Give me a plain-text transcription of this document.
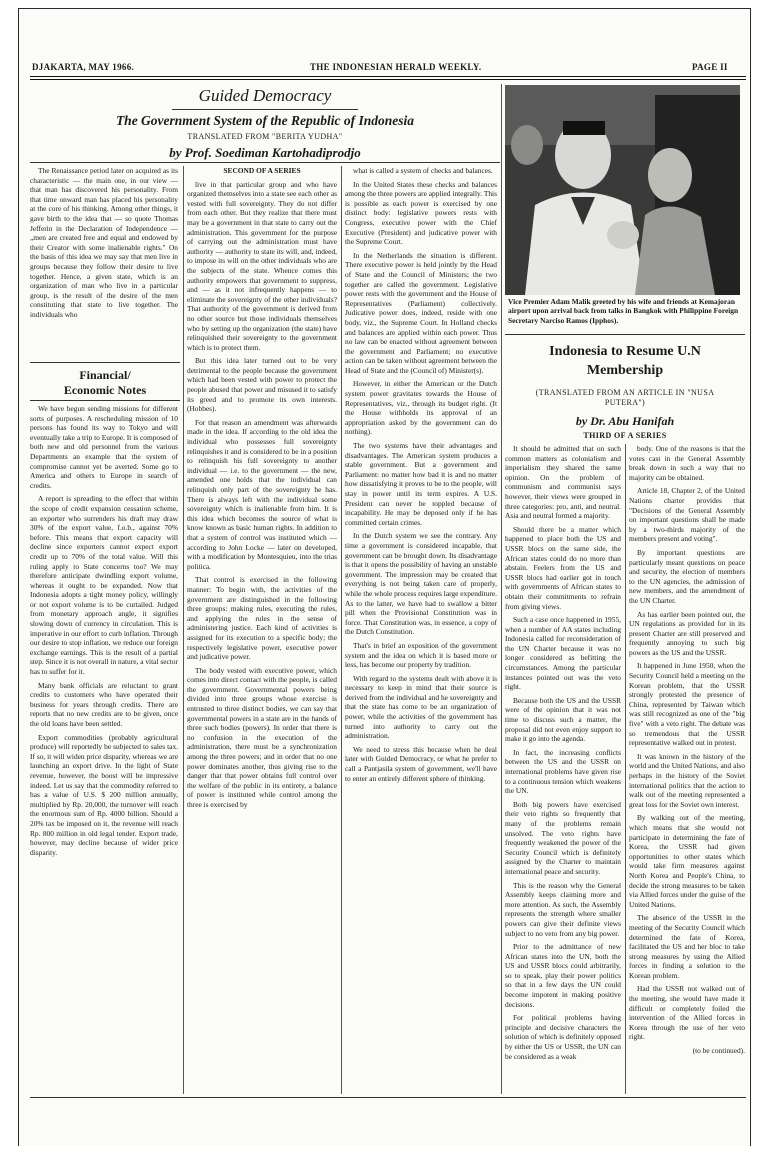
DJAKARTA, MAY 1966.	THE INDONESIAN HERALD WEEKLY.	PAGE II
Guided Democracy
The Government System of the Republic of Indonesia
TRANSLATED FROM "BERITA YUDHA"
by Prof. Soediman Kartohadiprodjo

The Renaissance period later on acquired as its characteristic — the main one, in our view — that man has discovered his personality. From that time onward man has placed his personality at the core of his thinking. Among other things, it gave birth to the idea that — so quote Thomas Jefferin in the Declaration of Independence — „men are created free and equal and endowed by their Creator with some inalienable rights." On the basis of this idea we may say that men live in groups because they follow their desire to live together. Hence, a given state, which is an organization of man who live in a particular group, is the result of the desire of the men constituting that state to live together. The individuals who

Financial/
Economic Notes

We have begun sending missions for different sorts of purposes. A rescheduling mission of 10 persons has found its way to Tokyo and will eventually take a trip to Europe. It is composed of both new and old personnel from the various Departments an example that the system of compromise cannot yet be averted. Some go to America and others to Europe in search of credits.

A report is spreading to the effect that within the scope of credit expansion cessation scheme, an exporter who surrenders his draft may draw 30% of the export value, f.o.b., against 70% before. This means that export capacity will decline since exporters cannot expect export credit up to 70% of the total value. Will this ruling apply to State concerns too? We may therefore anticipate dwindling export volume, whereas it ought to be expanded. Now that Indonesia adopts a tight money policy, willingly or not export volume is to be curtailed. Judged from monetary approach angle, it signifies slowing down of currency in circulation. This is imperative in our effort to curb inflation. Through our desire to stop inflation, we reduce our foreign exchange earnings. This is the result of a partial step. Since it is not overall in nature, a vital sector has to suffer for it.

Many bank officials are reluctant to grant credits to customers who have operated their business for years through credits. There are reports that no new credits are to be given, once the old loans have been settled.

Export commodities (probably agricultural produce) will reportedly be subjected to sales tax. If so, it will widen price disparity, whereas we are launching an export drive. In the light of State revenue, however, the boost will be impressive indeed. Let us say that the commodity referred to has a value of U.S. $ 200 million annually, multiplied by Rp. 20,000, the turnover will reach the enormous sum of Rp. 4000 billion. Should a 20% tax be imposed on it, the revenue will reach Rp. 800 million in old legal tender. Export trade, however, may decline because of wider price disparity.

SECOND OF A SERIES

live in that particular group and who have organized themselves into a state see each other as vested with full sovereignty. They do not differ from each other. But they realize that there must may be a government in that state to carry out the administration. This government for the purpose of carrying out the administration must have authority — authority to state its will, and, indeed, to impose its will on the other individuals who are the subjects of the state. Whence comes this authority empowers that government to suppress, and — as it not infrequently happens — to eliminate the sovereignty of the other individuals? That authority of the government is derived from no other source but those individuals themselves who by setting up the organization (the state) have relinquished their sovereignty to the government which is to protect them.

But this idea later turned out to be very detrimental to the people because the government which had been vested with power to protect the people abused that power and misused it to satisfy its greed and to promote its own interests. (Hobbes).

For that reason an amendment was afterwards made in the idea. If according to the old idea the individual who possesses full sovereignty relinquishes it and is considered to be in a position to relinquish his full sovereignty to another individual — i.e. to the government — the new, amended one holds that the individual can relinquish only part of the sovereignty he has. There is always left with the individual some sovereignty which is inalienable from him. It is this idea which becomes the source of what is know known as basic human rights. In addition to that a system of control was instituted which — according to John Locke — later on developed, with a modification by Montesquieu, into the trias politica.

That control is exercised in the following manner: To begin with, the activities of the government are distinguished in the following three groups: making rules, executing the rules, and applying the rules in the sense of administering justice. Each kind of activities is assigned for its execution to a specific body; the respectively legislative power, executive power and judicative power.

The body vested with executive power, which comes into direct contact with the people, is called the government. Governmental powers being divided into three groups whose exercise is entrusted to three distinct bodies, we can say that governmental powers in a state are in the hands of three such bodies (powers). In order that there is no confusion in the execution of the administration, there must be a synchronization among the three powers; and in order that no one power dominates another, thus giving rise to the danger that that power obtains full control over the welfare of the public in its entirety, a balance of power is instituted while control among the three is exercised by

what is called a system of checks and balances.

In the United States these checks and balances among the three powers are applied integrally. This is possible as each power is exercised by one distinct body: legislative powers rests with Congress, executive power with the Chief Executive (President) and judicative power with the Supreme Court.

In the Netherlands the situation is different. There executive power is held jointly by the Head of State and the Council of Ministers; the two together are called the government. Legislative power rests with the government and the House of Representatives (Parliament) collectively. Judicative power does, indeed, reside with one body, viz., the Supreme Court. In Holland checks and balances are applied within each power. Thus no law can be enacted without agreement between the government and Parliament; no executive action can be taken without agreement between the Head of State and the (Council of) Minister(s).

However, in either the American or the Dutch system power gravitates towards the House of Representatives, viz., through its budget right. (It the House withholds its approval of an appropriation asked by the government can do nothing).

The two systems have their advantages and disadvantages. The American system produces a stable government. But a government and Parliament: no matter how bad it is and no matter how dissatisfying it proves to be to the people, will stay in power until its term expires. A U.S. President can never be toppled because of incapability. He may be deposed only if he has committed certain crimes.

In the Dutch system we see the contrary. Any time a government is considered incapable, that government can be brought down. Its disadvantage is that it opens the possibility of having an unstable government. The impression may be created that everything is not being taken care of properly, while the whole process requires large expenditure. As to the latter, we have had to swallow a bitter pill when the Provisional Constitution was in force. That Constitution was, in essence, a copy of the Dutch Constitution.

That's in brief an exposition of the government system and the idea on which it is based more or less, has become our property by tradition.

With regard to the systems dealt with above it is necessary to keep in mind that their source is derived from the individual and he sovereignty and that the state has come to be an organization of power, while the activities of the government has turned into authority to carry out the administration.

We need to stress this because when he deal later with Guided Democracy, or what he prefer to call a Pantjasila system of government, we'll have to enter an entirely different sphere of thinking.

Vice Premier Adam Malik greeted by his wife and friends at Kemajoran airport upon arrival back from talks in Bangkok with Philippine Foreign Secretary Narciso Ramos (Ipphos).
Indonesia to Resume U.N
Membership
(TRANSLATED FROM AN ARTICLE IN "NUSA
PUTERA")
by Dr. Abu Hanifah
THIRD OF A SERIES

It should be admitted that on such common matters as colonialism and imperialism they shared the same opinion. On the problem of communism and communist says however, their views were grouped in three categories: pro, anti, and neutral. Asia and neutral formed a majority.

Should there be a matter which happened to place both the US and USSR blocs on the same side, the African states could do no more than abstain. Feelers from the US and USSR blocs had earlier got in touch with governments of African states to obtain their commitments to refrain from giving views.

Such a case once happened in 1955, when a number of AA states including Indonesia called for reconsideration of the UN Charter because it was no longer considered as befitting the circumstances. Among the particular instances pointed out was the veto right.

Because both the US and the USSR were of the opinion that it was not time to discuss such a matter, the proposal did not even enjoy support to make it go into the agenda.

In fact, the increasing conflicts between the US and the USSR on international problems have given rise to a continuous tension which weakens the UN.

Both big powers have exercised their veto rights so frequently that many of the problems remain unsolved. The veto rights have frequently weakened the power of the Security Council which is definitely assigned by the Charter to maintain international peace and security.

This is the reason why the General Assembly keeps claiming more and more attention. As such, the Assembly represents the strength where smaller powers can give their definite views subject to no veto from any big power.

Prior to the admittance of new African states into the UN, both the US and USSR blocs could arbitrarily, so to speak, play their power politics so that in a few days the UN could become impotent in making positive decisions.

For political problems having principle and decisive characters the solution of which is definitely opposed by either the US or USSR, the UN can be considered as a weak

body. One of the reasons is that the votes cast in the General Assembly break down in such a way that no majority can be obtained.

Article 18, Chapter 2, of the United Nations charter provides that "Decisions of the General Assembly on important questions shall be made by a two-thirds majority of the members present and voting".

By important questions are particularly meant questions on peace and security, the election of members to the UN agencies, the admission of new members, and the amendment of the UN Charter.

As has earlier been pointed out, the UN regulations as provided for in its present Charter are still preserved and frequently annoying to such big powers as the US and the USSR.

It happened in June 1950, when the Security Council held a meeting on the Korean problem, that the USSR strongly protested the presence of China, represented by Taiwan which was still recognized as one of the "big five" with a veto right. The debate was so tremendous that the USSR representative walked out in protest.

It was known in the history of the world and the United Nations, and also perhaps in the history of the Soviet international politics that the action to walk out of the meeting represented a great loss for the Soviet own interest.

By walking out of the meeting, which means that she would not participate in determining the fate of Korea, the USSR had given opportunities to other states which would take firm measures against North Korea and People's China, to decide the strong measures to be taken via Allied forces under the guise of the United Nations.

The absence of the USSR in the meeting of the Security Council which determined the fate of Korea, facilitated the US and her bloc to take strong measures by using the Allied forces in finding a solution to the Korean problem.

Had the USSR not walked out of the meeting, she would have made it difficult or completely foiled the intervention of the Allied forces in Korea through the use of her veto right.

(to be continued).
